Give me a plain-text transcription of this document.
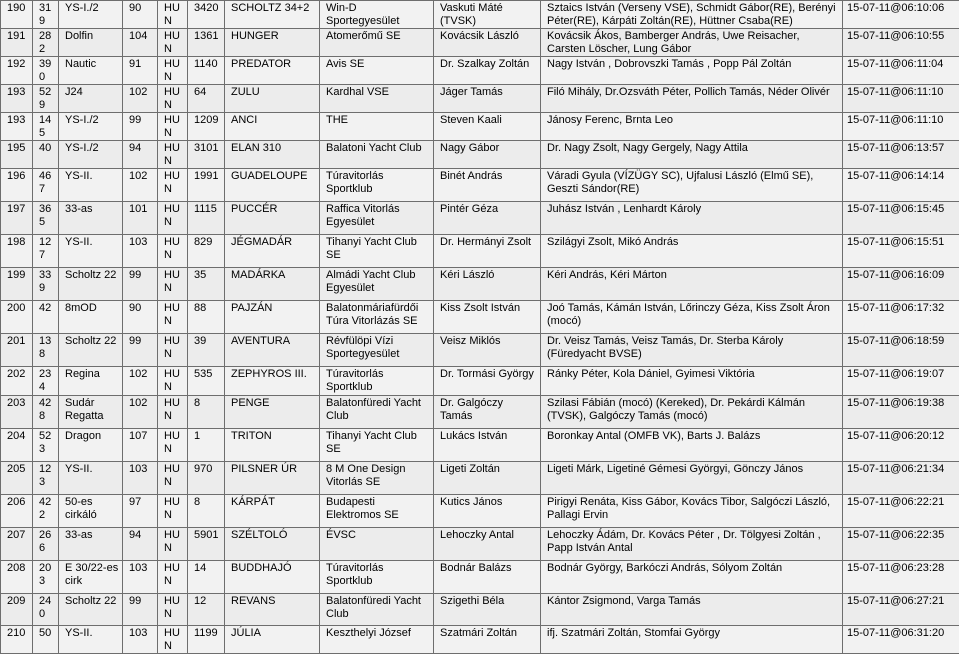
190	319	YS-I./2	90	HUN	3420	SCHOLTZ 34+2	Win-D Sportegyesület	Vaskuti Máté (TVSK)	Sztaics István (Verseny VSE), Schmidt Gábor(RE), Berényi Péter(RE), Kárpáti Zoltán(RE), Hüttner Csaba(RE)	15-07-11@06:10:06
191	282	Dolfin	104	HUN	1361	HUNGER	Atomerőmű SE	Kovácsik László	Kovácsik Ákos, Bamberger András, Uwe Reisacher, Carsten Löscher, Lung Gábor	15-07-11@06:10:55
192	390	Nautic	91	HUN	1140	PREDATOR	Avis SE	Dr. Szalkay Zoltán	Nagy István , Dobrovszki Tamás , Popp Pál Zoltán	15-07-11@06:11:04
193	529	J24	102	HUN	64	ZULU	Kardhal VSE	Jáger Tamás	Filó Mihály, Dr.Ozsváth Péter, Pollich Tamás, Néder Olivér	15-07-11@06:11:10
193	145	YS-I./2	99	HUN	1209	ANCI	THE	Steven Kaali	Jánosy Ferenc, Brnta Leo	15-07-11@06:11:10
195	40	YS-I./2	94	HUN	3101	ELAN 310	Balatoni Yacht Club	Nagy Gábor	Dr. Nagy Zsolt, Nagy Gergely, Nagy Attila	15-07-11@06:13:57
196	467	YS-II.	102	HUN	1991	GUADELOUPE	Túravitorlás Sportklub	Binét András	Váradi Gyula (VÍZÜGY SC), Ujfalusi László (Elmű SE), Geszti Sándor(RE)	15-07-11@06:14:14
197	365	33-as	101	HUN	1115	PUCCÉR	Raffica Vitorlás Egyesület	Pintér Géza	Juhász István , Lenhardt Károly	15-07-11@06:15:45
198	127	YS-II.	103	HUN	829	JÉGMADÁR	Tihanyi Yacht Club SE	Dr. Hermányi Zsolt	Szilágyi Zsolt, Mikó András	15-07-11@06:15:51
199	339	Scholtz 22	99	HUN	35	MADÁRKA	Almádi Yacht Club Egyesület	Kéri László	Kéri András, Kéri Márton	15-07-11@06:16:09
200	42	8mOD	90	HUN	88	PAJZÁN	Balatonmáriafürdői Túra Vitorlázás SE	Kiss Zsolt István	Joó Tamás, Kámán István, Lőrinczy Géza, Kiss Zsolt Áron (mocó)	15-07-11@06:17:32
201	138	Scholtz 22	99	HUN	39	AVENTURA	Révfülöpi Vízi Sportegyesület	Veisz Miklós	Dr. Veisz Tamás, Veisz Tamás, Dr. Sterba Károly (Füredyacht BVSE)	15-07-11@06:18:59
202	234	Regina	102	HUN	535	ZEPHYROS III.	Túravitorlás Sportklub	Dr. Tormási György	Ránky Péter, Kola Dániel, Gyimesi Viktória	15-07-11@06:19:07
203	428	Sudár Regatta	102	HUN	8	PENGE	Balatonfüredi Yacht Club	Dr. Galgóczy Tamás	Szilasi Fábián (mocó) (Kereked), Dr. Pekárdi Kálmán (TVSK), Galgóczy Tamás (mocó)	15-07-11@06:19:38
204	523	Dragon	107	HUN	1	TRITON	Tihanyi Yacht Club SE	Lukács István	Boronkay Antal (OMFB VK), Barts J. Balázs	15-07-11@06:20:12
205	123	YS-II.	103	HUN	970	PILSNER ÚR	8 M One Design Vitorlás SE	Ligeti Zoltán	Ligeti Márk, Ligetiné Gémesi Györgyi, Gönczy János	15-07-11@06:21:34
206	422	50-es cirkáló	97	HUN	8	KÁRPÁT	Budapesti Elektromos SE	Kutics János	Pirigyi Renáta, Kiss Gábor, Kovács Tibor, Salgóczi László, Pallagi Ervin	15-07-11@06:22:21
207	266	33-as	94	HUN	5901	SZÉLTOLÓ	ÉVSC	Lehoczky Antal	Lehoczky Ádám, Dr. Kovács Péter , Dr. Tölgyesi Zoltán , Papp István Antal	15-07-11@06:22:35
208	203	E 30/22-es cirk	103	HUN	14	BUDDHAJÓ	Túravitorlás Sportklub	Bodnár Balázs	Bodnár György, Barkóczi András, Sólyom Zoltán	15-07-11@06:23:28
209	240	Scholtz 22	99	HUN	12	REVANS	Balatonfüredi Yacht Club	Szigethi Béla	Kántor Zsigmond, Varga Tamás	15-07-11@06:27:21
210	50	YS-II.	103	HUN	1199	JÚLIA	Keszthelyi József	Szatmári Zoltán	ifj. Szatmári Zoltán, Stomfai György	15-07-11@06:31:20
